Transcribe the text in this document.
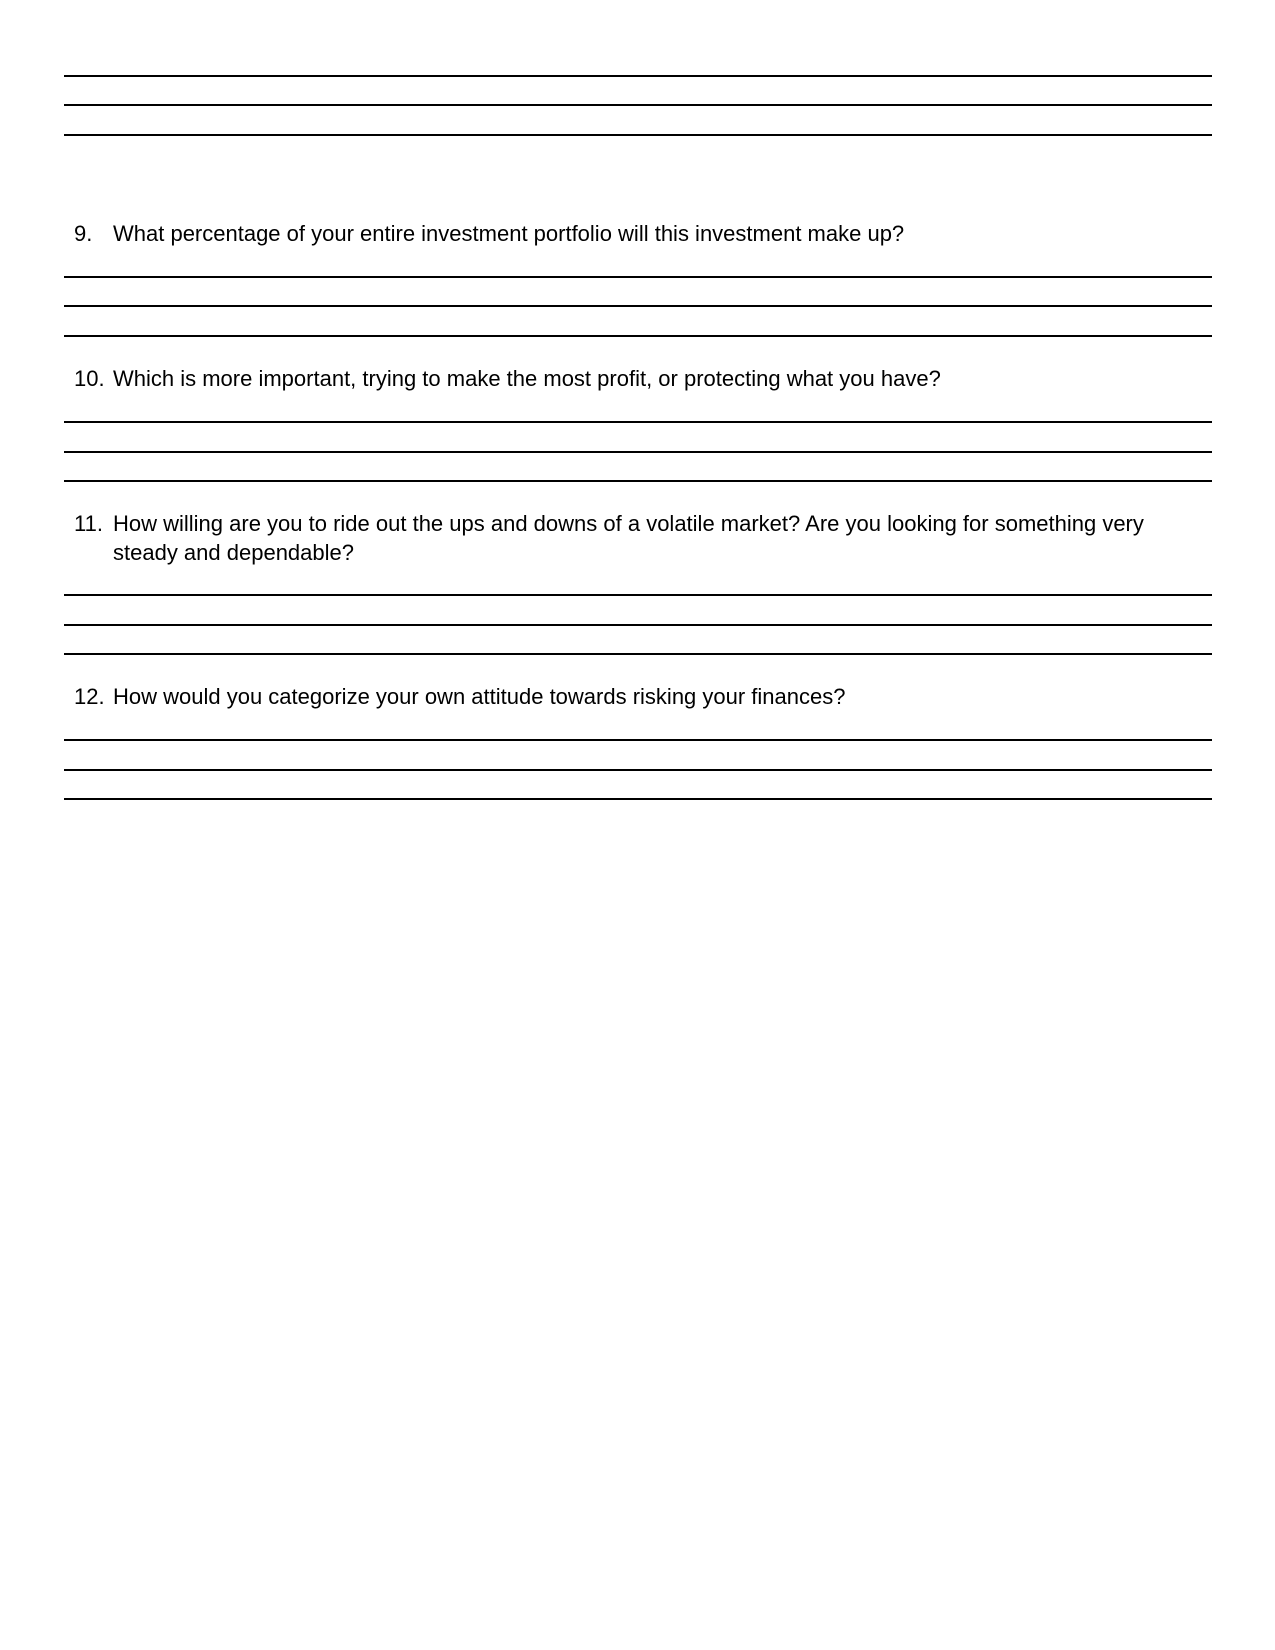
9. What percentage of your entire investment portfolio will this investment make up?
10. Which is more important, trying to make the most profit, or protecting what you have?
11. How willing are you to ride out the ups and downs of a volatile market? Are you looking for something very steady and dependable?
12. How would you categorize your own attitude towards risking your finances?
